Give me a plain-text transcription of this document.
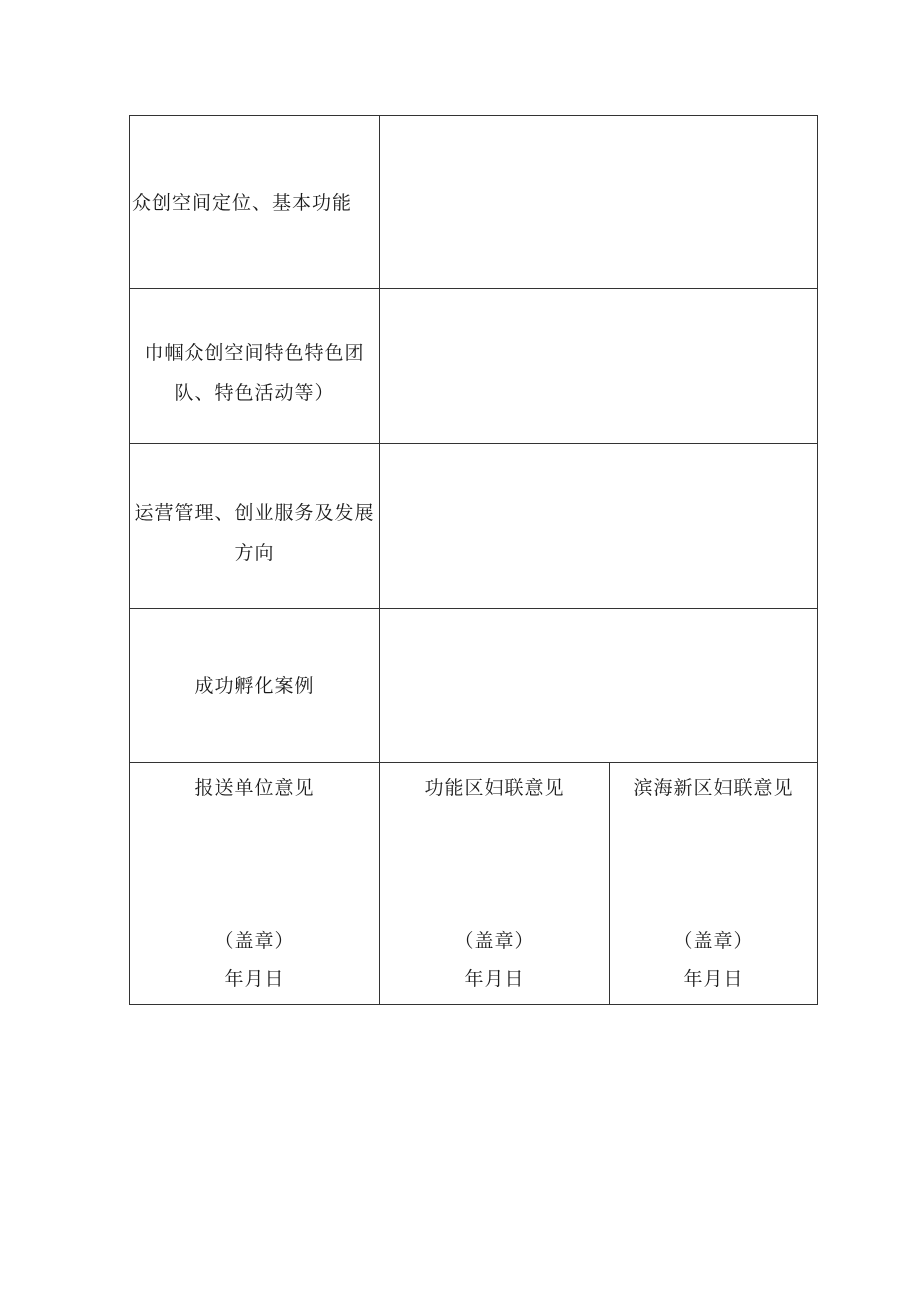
众创空间定位、基本功能
巾帼众创空间特色特色团
队、特色活动等）
运营管理、创业服务及发展
方向
成功孵化案例
报送单位意见
（盖章）
年月日
功能区妇联意见
（盖章）
年月日
滨海新区妇联意见
（盖章）
年月日
